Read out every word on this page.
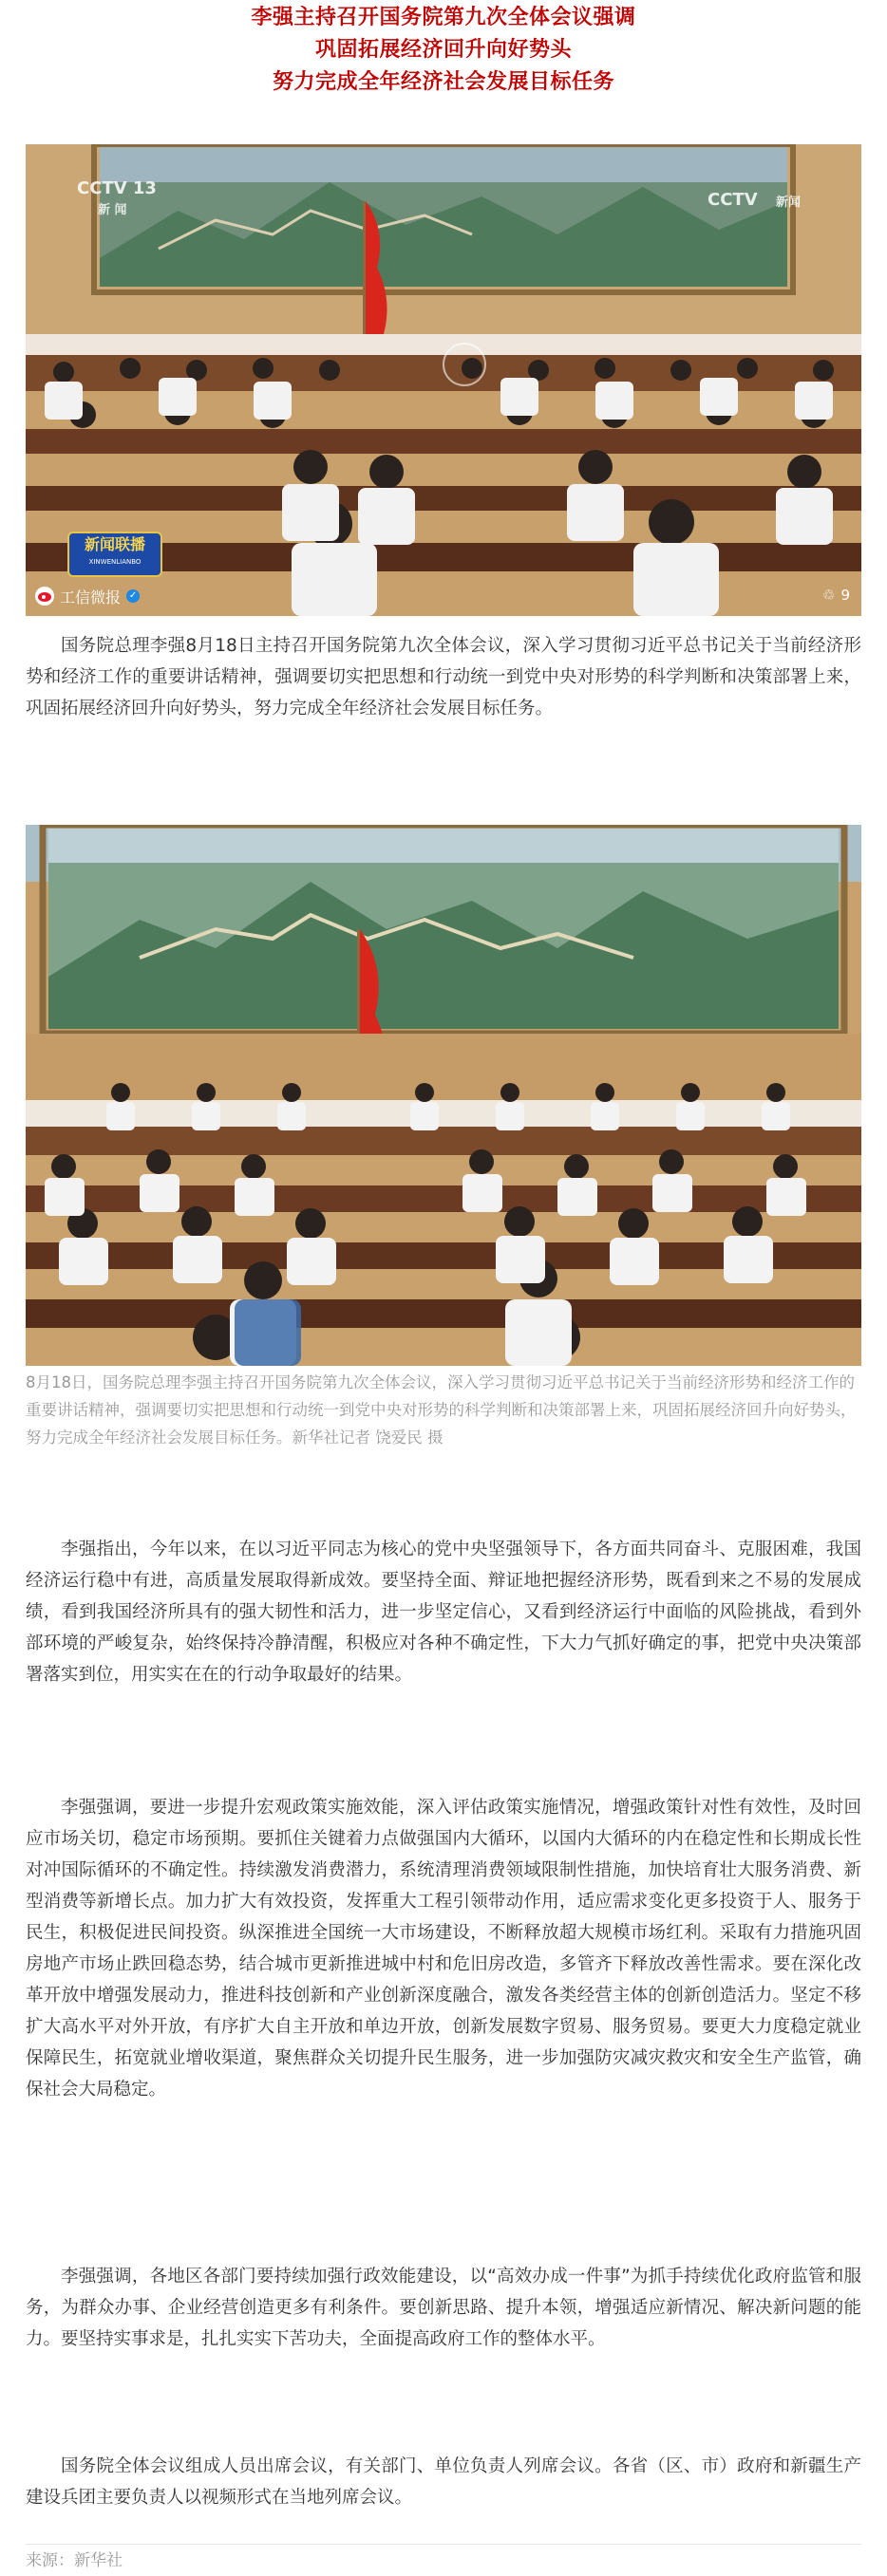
李强主持召开国务院第九次全体会议强调
巩固拓展经济回升向好势头
努力完成全年经济社会发展目标任务
CCTV 13
新 闻
CCTV 新闻
新闻联播
XINWENLIANBO
工信微报 ✓	♲ 9

国务院总理李强8月18日主持召开国务院第九次全体会议，深入学习贯彻习近平总书记关于当前经济形势和经济工作的重要讲话精神，强调要切实把思想和行动统一到党中央对形势的科学判断和决策部署上来，巩固拓展经济回升向好势头，努力完成全年经济社会发展目标任务。

8月18日，国务院总理李强主持召开国务院第九次全体会议，深入学习贯彻习近平总书记关于当前经济形势和经济工作的重要讲话精神，强调要切实把思想和行动统一到党中央对形势的科学判断和决策部署上来，巩固拓展经济回升向好势头，努力完成全年经济社会发展目标任务。新华社记者 饶爱民 摄

李强指出，今年以来，在以习近平同志为核心的党中央坚强领导下，各方面共同奋斗、克服困难，我国经济运行稳中有进，高质量发展取得新成效。要坚持全面、辩证地把握经济形势，既看到来之不易的发展成绩，看到我国经济所具有的强大韧性和活力，进一步坚定信心，又看到经济运行中面临的风险挑战，看到外部环境的严峻复杂，始终保持冷静清醒，积极应对各种不确定性，下大力气抓好确定的事，把党中央决策部署落实到位，用实实在在的行动争取最好的结果。

李强强调，要进一步提升宏观政策实施效能，深入评估政策实施情况，增强政策针对性有效性，及时回应市场关切，稳定市场预期。要抓住关键着力点做强国内大循环，以国内大循环的内在稳定性和长期成长性对冲国际循环的不确定性。持续激发消费潜力，系统清理消费领域限制性措施，加快培育壮大服务消费、新型消费等新增长点。加力扩大有效投资，发挥重大工程引领带动作用，适应需求变化更多投资于人、服务于民生，积极促进民间投资。纵深推进全国统一大市场建设，不断释放超大规模市场红利。采取有力措施巩固房地产市场止跌回稳态势，结合城市更新推进城中村和危旧房改造，多管齐下释放改善性需求。要在深化改革开放中增强发展动力，推进科技创新和产业创新深度融合，激发各类经营主体的创新创造活力。坚定不移扩大高水平对外开放，有序扩大自主开放和单边开放，创新发展数字贸易、服务贸易。要更大力度稳定就业保障民生，拓宽就业增收渠道，聚焦群众关切提升民生服务，进一步加强防灾减灾救灾和安全生产监管，确保社会大局稳定。

李强强调，各地区各部门要持续加强行政效能建设，以“高效办成一件事”为抓手持续优化政府监管和服务，为群众办事、企业经营创造更多有利条件。要创新思路、提升本领，增强适应新情况、解决新问题的能力。要坚持实事求是，扎扎实实下苦功夫，全面提高政府工作的整体水平。

国务院全体会议组成人员出席会议，有关部门、单位负责人列席会议。各省（区、市）政府和新疆生产建设兵团主要负责人以视频形式在当地列席会议。

来源：新华社
